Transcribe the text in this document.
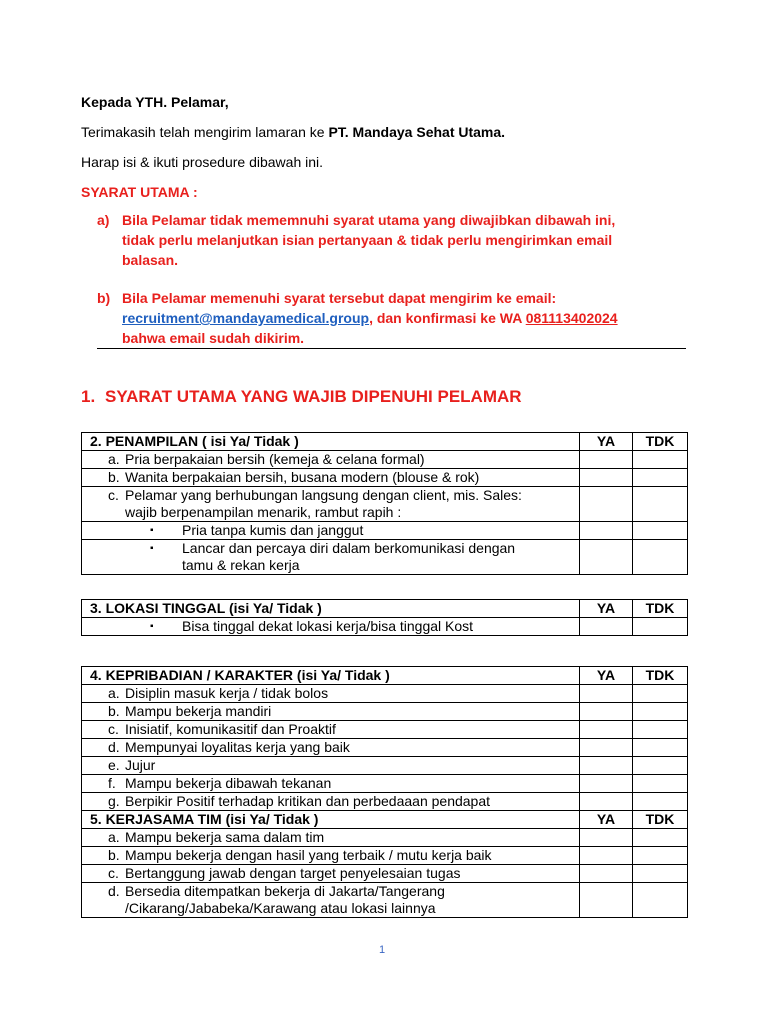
Kepada YTH. Pelamar,
Terimakasih telah mengirim lamaran ke PT. Mandaya Sehat Utama.
Harap isi & ikuti prosedure dibawah ini.
SYARAT UTAMA :
a) Bila Pelamar tidak mememnuhi syarat utama yang diwajibkan dibawah ini,
tidak perlu melanjutkan isian pertanyaan & tidak perlu mengirimkan email
balasan.
b) Bila Pelamar memenuhi syarat tersebut dapat mengirim ke email:
recruitment@mandayamedical.group, dan konfirmasi ke WA 081113402024
bahwa email sudah dikirim.
1. SYARAT UTAMA YANG WAJIB DIPENUHI PELAMAR
2. PENAMPILAN ( isi Ya/ Tidak )	YA	TDK

a. Pria berpakaian bersih (kemeja & celana formal)		

b. Wanita berpakaian bersih, busana modern (blouse & rok)		

c. Pelamar yang berhubungan langsung dengan client, mis. Sales:
wajib berpenampilan menarik, rambut rapih :		

▪ Pria tanpa kumis dan janggut		

▪ Lancar dan percaya diri dalam berkomunikasi dengan
tamu & rekan kerja		

3. LOKASI TINGGAL (isi Ya/ Tidak )	YA	TDK

▪ Bisa tinggal dekat lokasi kerja/bisa tinggal Kost		

4. KEPRIBADIAN / KARAKTER (isi Ya/ Tidak )	YA	TDK

a. Disiplin masuk kerja / tidak bolos		

b. Mampu bekerja mandiri		

c. Inisiatif, komunikasitif dan Proaktif		

d. Mempunyai loyalitas kerja yang baik		

e. Jujur		

f. Mampu bekerja dibawah tekanan		

g. Berpikir Positif terhadap kritikan dan perbedaaan pendapat		

5. KERJASAMA TIM (isi Ya/ Tidak )	YA	TDK

a. Mampu bekerja sama dalam tim		

b. Mampu bekerja dengan hasil yang terbaik / mutu kerja baik		

c. Bertanggung jawab dengan target penyelesaian tugas		

d. Bersedia ditempatkan bekerja di Jakarta/Tangerang
/Cikarang/Jababeka/Karawang atau lokasi lainnya		

1
